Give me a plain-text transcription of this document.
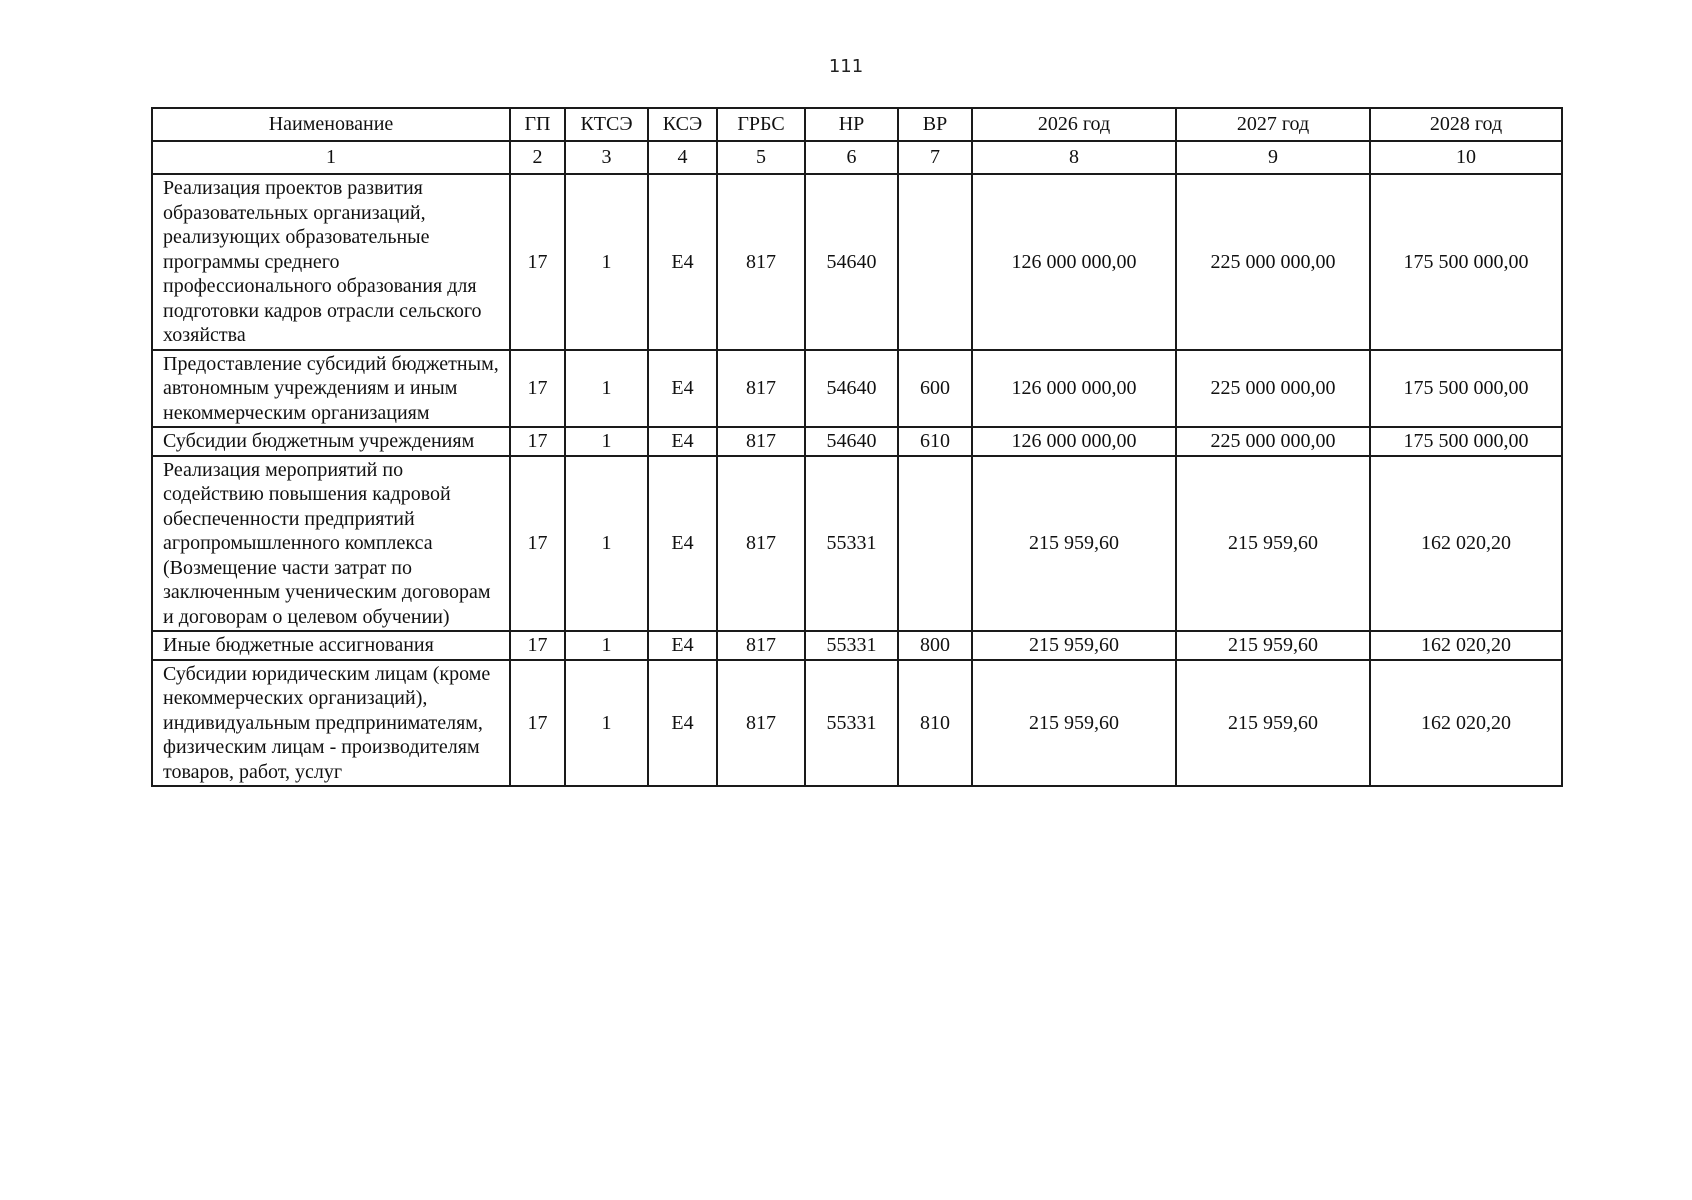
111
Наименование	ГП	КТСЭ	КСЭ	ГРБС	НР	ВР	2026 год	2027 год	2028 год
1	2	3	4	5	6	7	8	9	10
Реализация проектов развития образовательных организаций, реализующих образовательные программы среднего профессионального образования для подготовки кадров отрасли сельского хозяйства	17	1	Е4	817	54640		126 000 000,00	225 000 000,00	175 500 000,00
Предоставление субсидий бюджетным, автономным учреждениям и иным некоммерческим организациям	17	1	Е4	817	54640	600	126 000 000,00	225 000 000,00	175 500 000,00
Субсидии бюджетным учреждениям	17	1	Е4	817	54640	610	126 000 000,00	225 000 000,00	175 500 000,00
Реализация мероприятий по содействию повышения кадровой обеспеченности предприятий агропромышленного комплекса (Возмещение части затрат по заключенным ученическим договорам и договорам о целевом обучении)	17	1	Е4	817	55331		215 959,60	215 959,60	162 020,20
Иные бюджетные ассигнования	17	1	Е4	817	55331	800	215 959,60	215 959,60	162 020,20
Субсидии юридическим лицам (кроме некоммерческих организаций), индивидуальным предпринимателям, физическим лицам - производителям товаров, работ, услуг	17	1	Е4	817	55331	810	215 959,60	215 959,60	162 020,20
